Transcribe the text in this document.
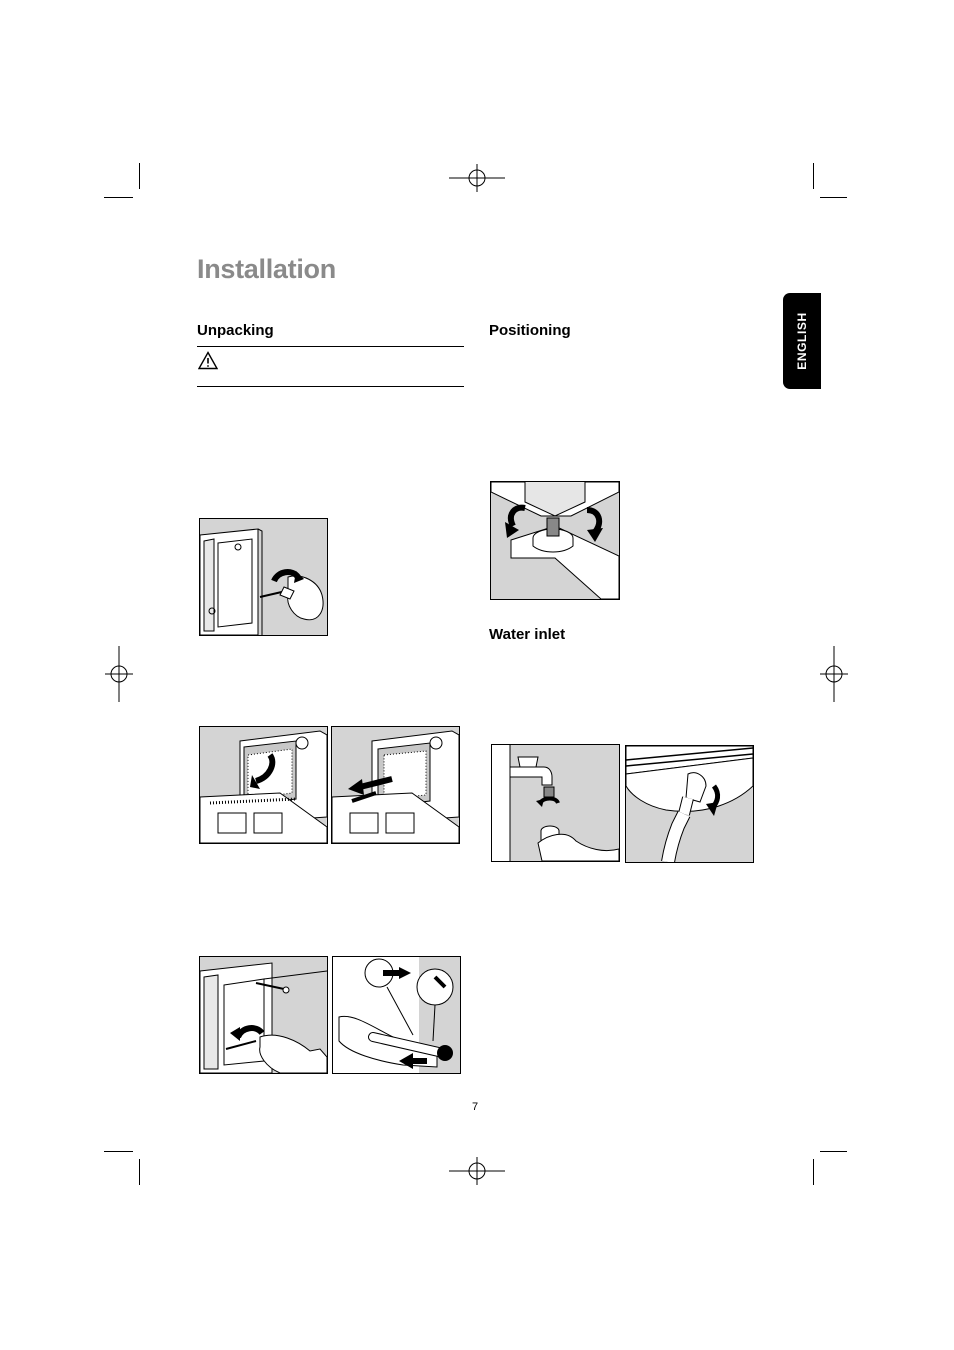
Installation
ENGLISH
Unpacking	Positioning
Water inlet
7
